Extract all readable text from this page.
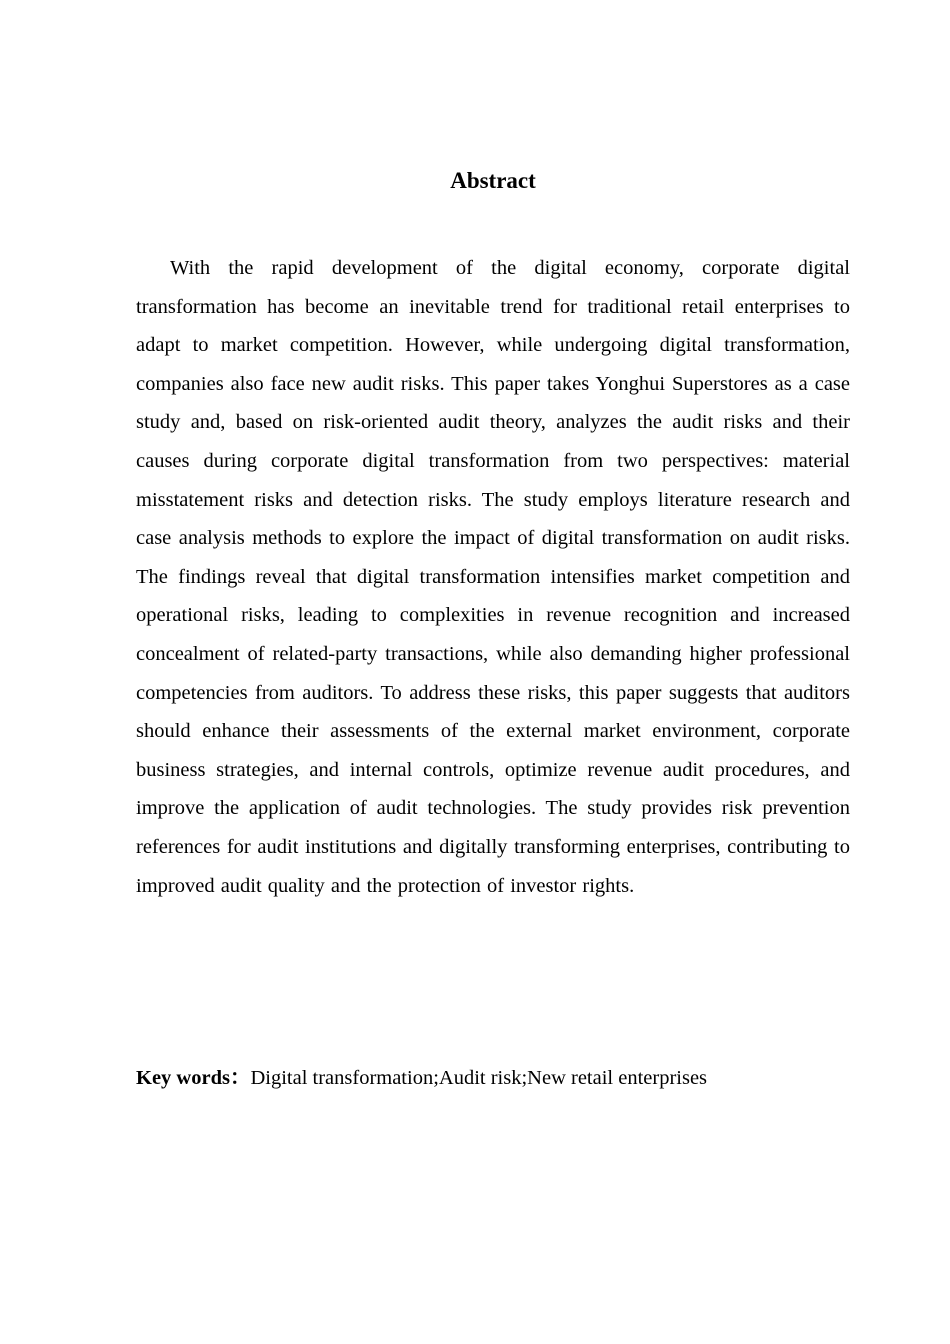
Abstract

With the rapid development of the digital economy, corporate digital transformation has become an inevitable trend for traditional retail enterprises to adapt to market competition. However, while undergoing digital transformation, companies also face new audit risks. This paper takes Yonghui Superstores as a case study and, based on risk-oriented audit theory, analyzes the audit risks and their causes during corporate digital transformation from two perspectives: material misstatement risks and detection risks. The study employs literature research and case analysis methods to explore the impact of digital transformation on audit risks. The findings reveal that digital transformation intensifies market competition and operational risks, leading to complexities in revenue recognition and increased concealment of related-party transactions, while also demanding higher professional competencies from auditors. To address these risks, this paper suggests that auditors should enhance their assessments of the external market environment, corporate business strategies, and internal controls, optimize revenue audit procedures, and improve the application of audit technologies. The study provides risk prevention references for audit institutions and digitally transforming enterprises, contributing to improved audit quality and the protection of investor rights.

Key words：Digital transformation;Audit risk;New retail enterprises
